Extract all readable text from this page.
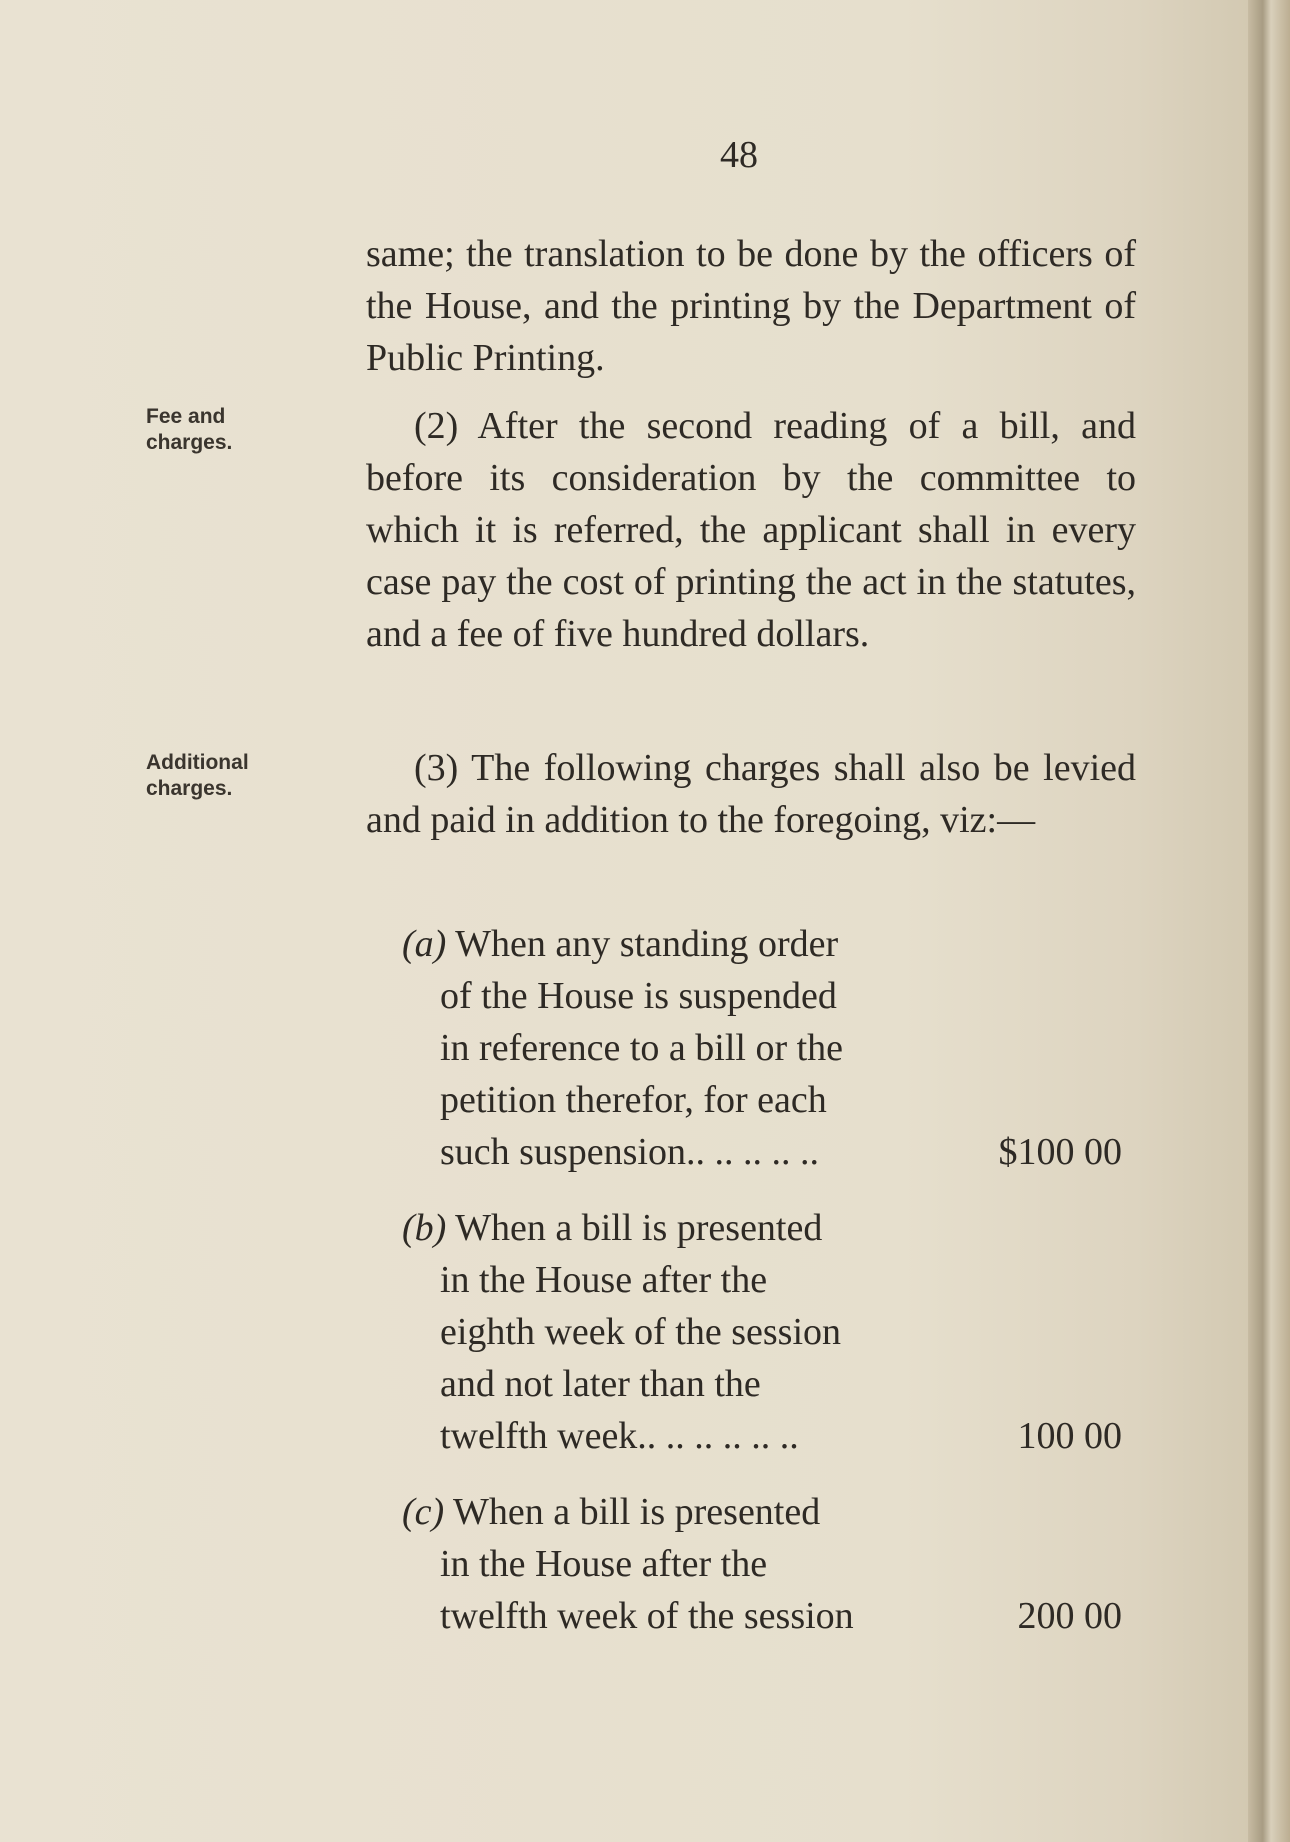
48

same; the translation to be done by the officers of the House, and the printing by the Department of Public Printing.

Fee and charges.	(2) After the second reading of a bill, and before its consideration by the committee to which it is referred, the applicant shall in every case pay the cost of printing the act in the statutes, and a fee of five hundred dollars.

Additional charges.	(3) The following charges shall also be levied and paid in addition to the foregoing, viz:—

(a) When any standing order
of the House is suspended
in reference to a bill or the
petition therefor, for each
such suspension.. .. .. .. ..	$100 00
(b) When a bill is presented
in the House after the
eighth week of the session
and not later than the
twelfth week.. .. .. .. .. ..	100 00
(c) When a bill is presented
in the House after the
twelfth week of the session	200 00
